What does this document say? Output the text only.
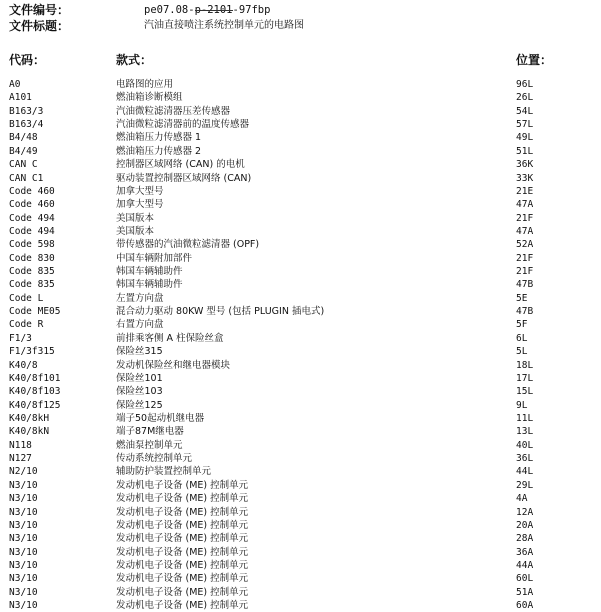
文件编号：	pe07.08-p-2101-97fbp
文件标题：	汽油直接喷注系统控制单元的电路图
代码：	款式：	位置：
A0	电路图的应用	96L
A101	燃油箱诊断模组	26L
B163/3	汽油微粒滤清器压差传感器	54L
B163/4	汽油微粒滤清器前的温度传感器	57L
B4/48	燃油箱压力传感器 1	49L
B4/49	燃油箱压力传感器 2	51L
CAN C	控制器区域网络 (CAN) 的电机	36K
CAN C1	驱动装置控制器区域网络 (CAN)	33K
Code 460	加拿大型号	21E
Code 460	加拿大型号	47A
Code 494	美国版本	21F
Code 494	美国版本	47A
Code 598	带传感器的汽油微粒滤清器 (OPF)	52A
Code 830	中国车辆附加部件	21F
Code 835	韩国车辆辅助件	21F
Code 835	韩国车辆辅助件	47B
Code L	左置方向盘	5E
Code ME05	混合动力驱动 80KW 型号 (包括 PLUGIN 插电式)	47B
Code R	右置方向盘	5F
F1/3	前排乘客侧 A 柱保险丝盒	6L
F1/3f315	保险丝315	5L
K40/8	发动机保险丝和继电器模块	18L
K40/8f101	保险丝101	17L
K40/8f103	保险丝103	15L
K40/8f125	保险丝125	9L
K40/8kH	端子50起动机继电器	11L
K40/8kN	端子87M继电器	13L
N118	燃油泵控制单元	40L
N127	传动系统控制单元	36L
N2/10	辅助防护装置控制单元	44L
N3/10	发动机电子设备 (ME) 控制单元	29L
N3/10	发动机电子设备 (ME) 控制单元	4A
N3/10	发动机电子设备 (ME) 控制单元	12A
N3/10	发动机电子设备 (ME) 控制单元	20A
N3/10	发动机电子设备 (ME) 控制单元	28A
N3/10	发动机电子设备 (ME) 控制单元	36A
N3/10	发动机电子设备 (ME) 控制单元	44A
N3/10	发动机电子设备 (ME) 控制单元	60L
N3/10	发动机电子设备 (ME) 控制单元	51A
N3/10	发动机电子设备 (ME) 控制单元	60A
